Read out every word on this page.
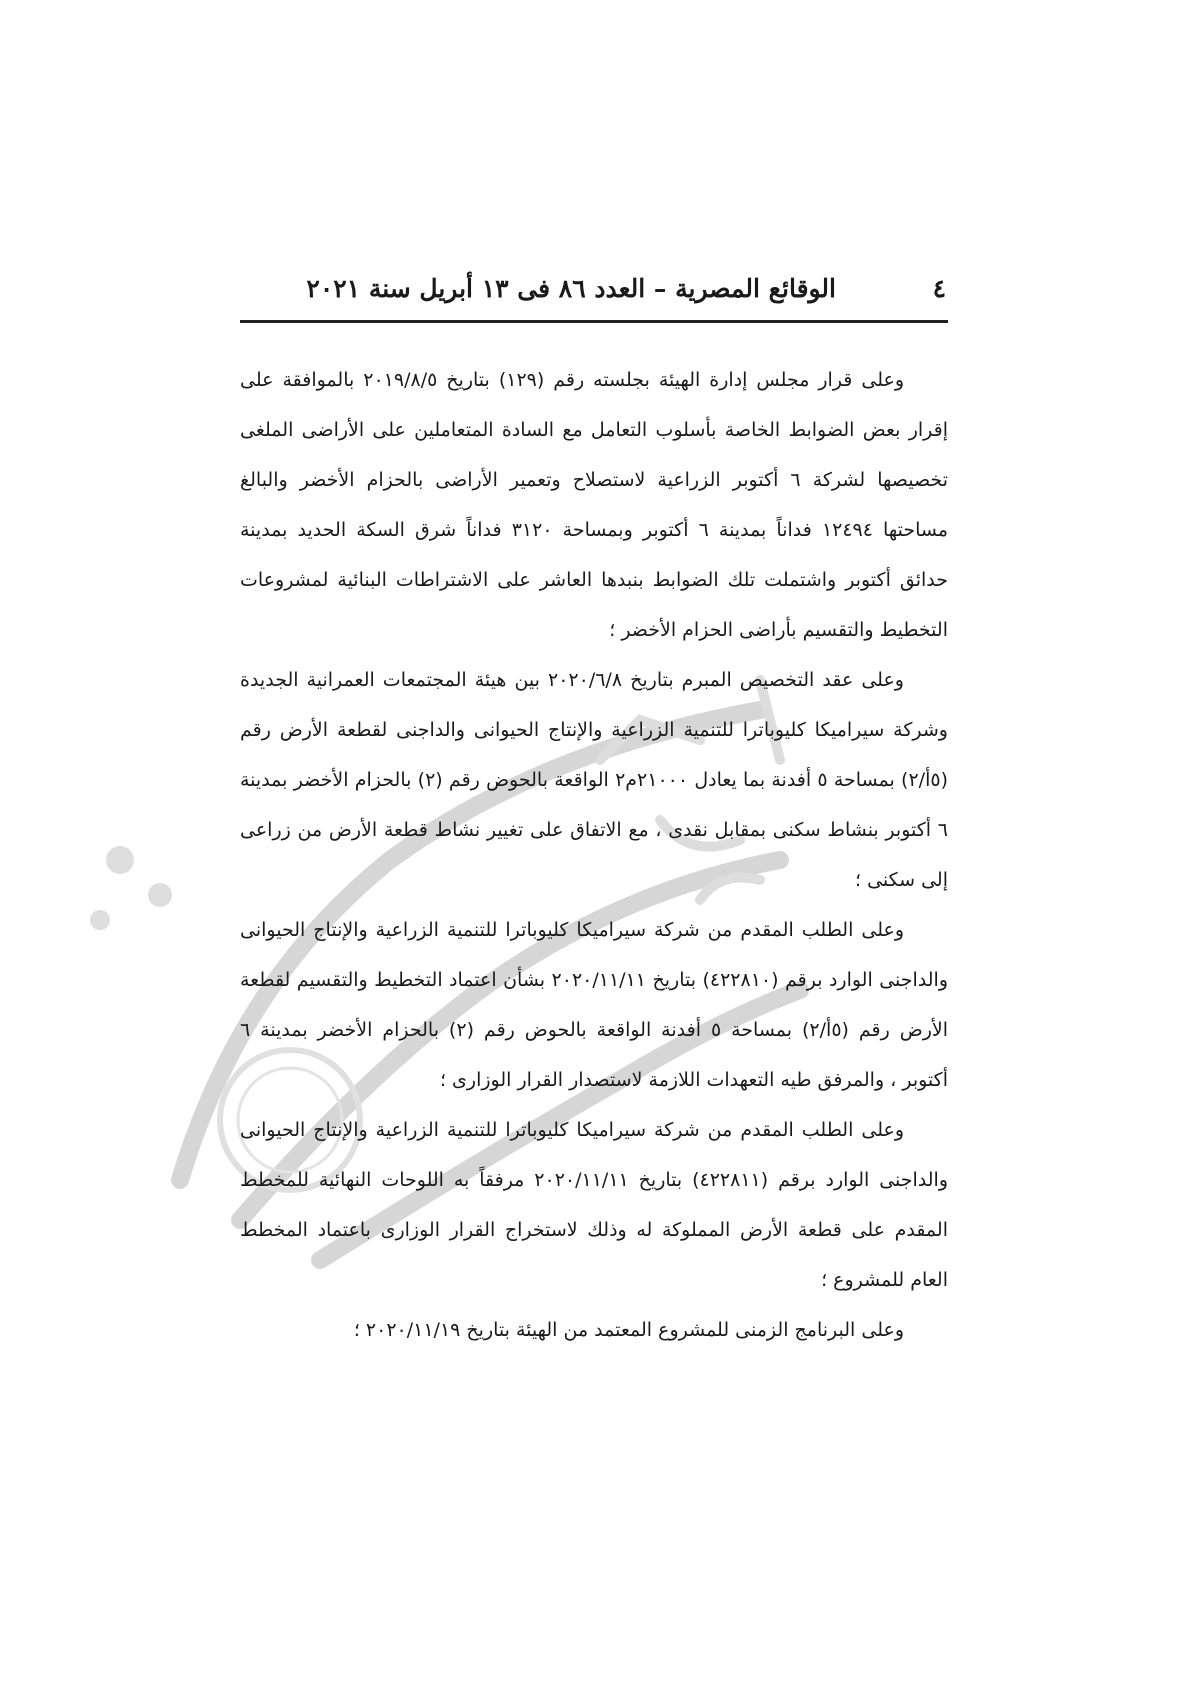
٤
الوقائع المصرية – العدد ٨٦ فى ١٣ أبريل سنة ٢٠٢١

وعلى قرار مجلس إدارة الهيئة بجلسته رقم (١٢٩) بتاريخ ٢٠١٩/٨/٥ بالموافقة على إقرار بعض الضوابط الخاصة بأسلوب التعامل مع السادة المتعاملين على الأراضى الملغى تخصيصها لشركة ٦ أكتوبر الزراعية لاستصلاح وتعمير الأراضى بالحزام الأخضر والبالغ مساحتها ١٢٤٩٤ فداناً بمدينة ٦ أكتوبر وبمساحة ٣١٢٠ فداناً شرق السكة الحديد بمدينة حدائق أكتوبر واشتملت تلك الضوابط بنبدها العاشر على الاشتراطات البنائية لمشروعات التخطيط والتقسيم بأراضى الحزام الأخضر ؛

وعلى عقد التخصيص المبرم بتاريخ ٢٠٢٠/٦/٨ بين هيئة المجتمعات العمرانية الجديدة وشركة سيراميكا كليوباترا للتنمية الزراعية والإنتاج الحيوانى والداجنى لقطعة الأرض رقم (٥أ/٢) بمساحة ٥ أفدنة بما يعادل ٢١٠٠٠م٢ الواقعة بالحوض رقم (٢) بالحزام الأخضر بمدينة ٦ أكتوبر بنشاط سكنى بمقابل نقدى ، مع الاتفاق على تغيير نشاط قطعة الأرض من زراعى إلى سكنى ؛

وعلى الطلب المقدم من شركة سيراميكا كليوباترا للتنمية الزراعية والإنتاج الحيوانى والداجنى الوارد برقم (٤٢٢٨١٠) بتاريخ ٢٠٢٠/١١/١١ بشأن اعتماد التخطيط والتقسيم لقطعة الأرض رقم (٥أ/٢) بمساحة ٥ أفدنة الواقعة بالحوض رقم (٢) بالحزام الأخضر بمدينة ٦ أكتوبر ، والمرفق طيه التعهدات اللازمة لاستصدار القرار الوزارى ؛

وعلى الطلب المقدم من شركة سيراميكا كليوباترا للتنمية الزراعية والإنتاج الحيوانى والداجنى الوارد برقم (٤٢٢٨١١) بتاريخ ٢٠٢٠/١١/١١ مرفقاً به اللوحات النهائية للمخطط المقدم على قطعة الأرض المملوكة له وذلك لاستخراج القرار الوزارى باعتماد المخطط العام للمشروع ؛

وعلى البرنامج الزمنى للمشروع المعتمد من الهيئة بتاريخ ٢٠٢٠/١١/١٩ ؛
